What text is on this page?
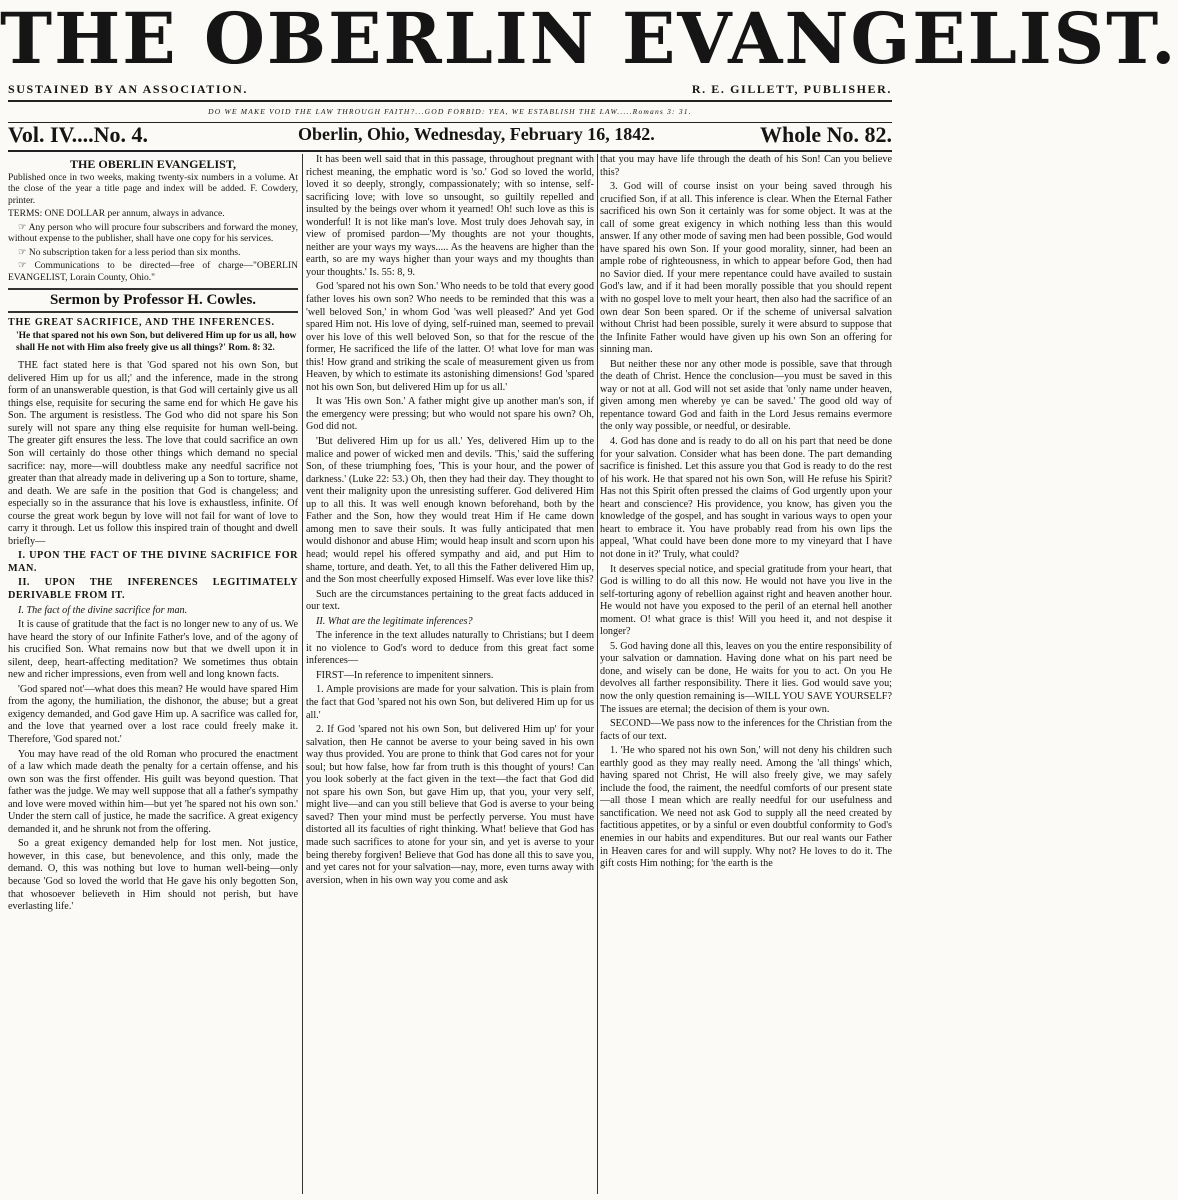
THE OBERLIN EVANGELIST.
SUSTAINED BY AN ASSOCIATION.	R. E. GILLETT, PUBLISHER.
DO WE MAKE VOID THE LAW THROUGH FAITH?...GOD FORBID: YEA, WE ESTABLISH THE LAW.....Romans 3: 31.
Vol. IV....No. 4.	Oberlin, Ohio, Wednesday, February 16, 1842.	Whole No. 82.
THE OBERLIN EVANGELIST,

Published once in two weeks, making twenty-six numbers in a volume. At the close of the year a title page and index will be added. F. Cowdery, printer.

TERMS: ONE DOLLAR per annum, always in advance.

☞ Any person who will procure four subscribers and forward the money, without expense to the publisher, shall have one copy for his services.

☞ No subscription taken for a less period than six months.

☞ Communications to be directed—free of charge—"OBERLIN EVANGELIST, Lorain County, Ohio."

Sermon by Professor H. Cowles.
THE GREAT SACRIFICE, AND THE INFERENCES.
'He that spared not his own Son, but delivered Him up for us all, how shall He not with Him also freely give us all things?' Rom. 8: 32.

THE fact stated here is that 'God spared not his own Son, but delivered Him up for us all;' and the inference, made in the strong form of an unanswerable question, is that God will certainly give us all things else, requisite for securing the same end for which He gave his Son. The argument is resistless. The God who did not spare his Son surely will not spare any thing else requisite for human well-being. The greater gift ensures the less. The love that could sacrifice an own Son will certainly do those other things which demand no special sacrifice: nay, more—will doubtless make any needful sacrifice not greater than that already made in delivering up a Son to torture, shame, and death. We are safe in the position that God is changeless; and especially so in the assurance that his love is exhaustless, infinite. Of course the great work begun by love will not fail for want of love to carry it through. Let us follow this inspired train of thought and dwell briefly—

I. UPON THE FACT OF THE DIVINE SACRIFICE FOR MAN.

II. UPON THE INFERENCES LEGITIMATELY DERIVABLE FROM IT.

I. The fact of the divine sacrifice for man.

It is cause of gratitude that the fact is no longer new to any of us. We have heard the story of our Infinite Father's love, and of the agony of his crucified Son. What remains now but that we dwell upon it in silent, deep, heart-affecting meditation? We sometimes thus obtain new and richer impressions, even from well and long known facts.

'God spared not'—what does this mean? He would have spared Him from the agony, the humiliation, the dishonor, the abuse; but a great exigency demanded, and God gave Him up. A sacrifice was called for, and the love that yearned over a lost race could freely make it. Therefore, 'God spared not.'

You may have read of the old Roman who procured the enactment of a law which made death the penalty for a certain offense, and his own son was the first offender. His guilt was beyond question. That father was the judge. We may well suppose that all a father's sympathy and love were moved within him—but yet 'he spared not his own son.' Under the stern call of justice, he made the sacrifice. A great exigency demanded it, and he shrunk not from the offering.

So a great exigency demanded help for lost men. Not justice, however, in this case, but benevolence, and this only, made the demand. O, this was nothing but love to human well-being—only because 'God so loved the world that He gave his only begotten Son, that whosoever believeth in Him should not perish, but have everlasting life.'

It has been well said that in this passage, throughout pregnant with richest meaning, the emphatic word is 'so.' God so loved the world, loved it so deeply, strongly, compassionately; with so intense, self-sacrificing love; with love so unsought, so guiltily repelled and insulted by the beings over whom it yearned! Oh! such love as this is wonderful! It is not like man's love. Most truly does Jehovah say, in view of promised pardon—'My thoughts are not your thoughts, neither are your ways my ways..... As the heavens are higher than the earth, so are my ways higher than your ways and my thoughts than your thoughts.' Is. 55: 8, 9.

God 'spared not his own Son.' Who needs to be told that every good father loves his own son? Who needs to be reminded that this was a 'well beloved Son,' in whom God 'was well pleased?' And yet God spared Him not. His love of dying, self-ruined man, seemed to prevail over his love of this well beloved Son, so that for the rescue of the former, He sacrificed the life of the latter. O! what love for man was this! How grand and striking the scale of measurement given us from Heaven, by which to estimate its astonishing dimensions! God 'spared not his own Son, but delivered Him up for us all.'

It was 'His own Son.' A father might give up another man's son, if the emergency were pressing; but who would not spare his own? Oh, God did not.

'But delivered Him up for us all.' Yes, delivered Him up to the malice and power of wicked men and devils. 'This,' said the suffering Son, of these triumphing foes, 'This is your hour, and the power of darkness.' (Luke 22: 53.) Oh, then they had their day. They thought to vent their malignity upon the unresisting sufferer. God delivered Him up to all this. It was well enough known beforehand, both by the Father and the Son, how they would treat Him if He came down among men to save their souls. It was fully anticipated that men would dishonor and abuse Him; would heap insult and scorn upon his head; would repel his offered sympathy and aid, and put Him to shame, torture, and death. Yet, to all this the Father delivered Him up, and the Son most cheerfully exposed Himself. Was ever love like this?

Such are the circumstances pertaining to the great facts adduced in our text.

II. What are the legitimate inferences?

The inference in the text alludes naturally to Christians; but I deem it no violence to God's word to deduce from this great fact some inferences—

FIRST—In reference to impenitent sinners.

1. Ample provisions are made for your salvation. This is plain from the fact that God 'spared not his own Son, but delivered Him up for us all.'

2. If God 'spared not his own Son, but delivered Him up' for your salvation, then He cannot be averse to your being saved in his own way thus provided. You are prone to think that God cares not for your soul; but how false, how far from truth is this thought of yours! Can you look soberly at the fact given in the text—the fact that God did not spare his own Son, but gave Him up, that you, your very self, might live—and can you still believe that God is averse to your being saved? Then your mind must be perfectly perverse. You must have distorted all its faculties of right thinking. What! believe that God has made such sacrifices to atone for your sin, and yet is averse to your being thereby forgiven! Believe that God has done all this to save you, and yet cares not for your salvation—nay, more, even turns away with aversion, when in his own way you come and ask

that you may have life through the death of his Son! Can you believe this?

3. God will of course insist on your being saved through his crucified Son, if at all. This inference is clear. When the Eternal Father sacrificed his own Son it certainly was for some object. It was at the call of some great exigency in which nothing less than this would answer. If any other mode of saving men had been possible, God would have spared his own Son. If your good morality, sinner, had been an ample robe of righteousness, in which to appear before God, then had no Savior died. If your mere repentance could have availed to sustain God's law, and if it had been morally possible that you should repent with no gospel love to melt your heart, then also had the sacrifice of an own dear Son been spared. Or if the scheme of universal salvation without Christ had been possible, surely it were absurd to suppose that the Infinite Father would have given up his own Son an offering for sinning man.

But neither these nor any other mode is possible, save that through the death of Christ. Hence the conclusion—you must be saved in this way or not at all. God will not set aside that 'only name under heaven, given among men whereby ye can be saved.' The good old way of repentance toward God and faith in the Lord Jesus remains evermore the only way possible, or needful, or desirable.

4. God has done and is ready to do all on his part that need be done for your salvation. Consider what has been done. The part demanding sacrifice is finished. Let this assure you that God is ready to do the rest of his work. He that spared not his own Son, will He refuse his Spirit? Has not this Spirit often pressed the claims of God urgently upon your heart and conscience? His providence, you know, has given you the knowledge of the gospel, and has sought in various ways to open your heart to embrace it. You have probably read from his own lips the appeal, 'What could have been done more to my vineyard that I have not done in it?' Truly, what could?

It deserves special notice, and special gratitude from your heart, that God is willing to do all this now. He would not have you live in the self-torturing agony of rebellion against right and heaven another hour. He would not have you exposed to the peril of an eternal hell another moment. O! what grace is this! Will you heed it, and not despise it longer?

5. God having done all this, leaves on you the entire responsibility of your salvation or damnation. Having done what on his part need be done, and wisely can be done, He waits for you to act. On you He devolves all farther responsibility. There it lies. God would save you; now the only question remaining is—WILL YOU SAVE YOURSELF? The issues are eternal; the decision of them is your own.

SECOND—We pass now to the inferences for the Christian from the facts of our text.

1. 'He who spared not his own Son,' will not deny his children such earthly good as they may really need. Among the 'all things' which, having spared not Christ, He will also freely give, we may safely include the food, the raiment, the needful comforts of our present state—all those I mean which are really needful for our usefulness and sanctification. We need not ask God to supply all the need created by factitious appetites, or by a sinful or even doubtful conformity to God's enemies in our habits and expenditures. But our real wants our Father in Heaven cares for and will supply. Why not? He loves to do it. The gift costs Him nothing; for 'the earth is the
